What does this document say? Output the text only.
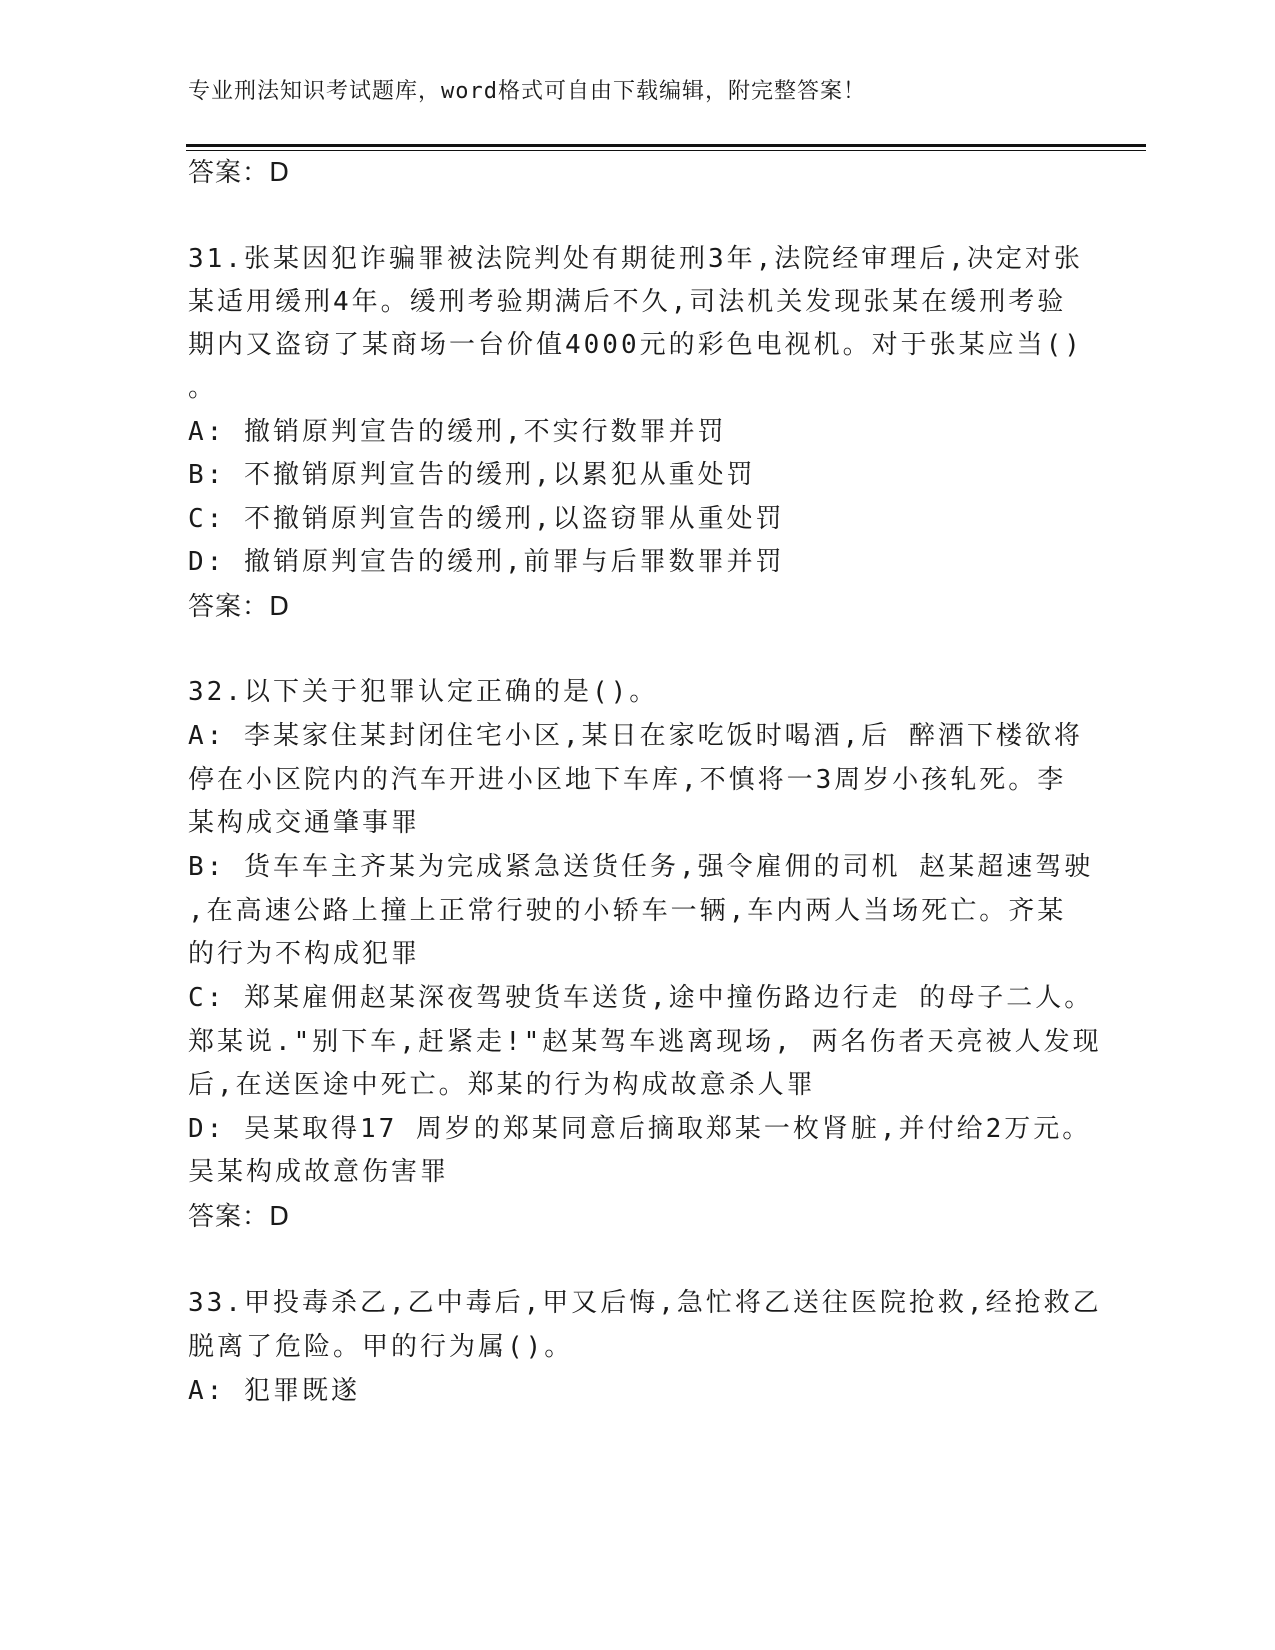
专业刑法知识考试题库，word格式可自由下载编辑，附完整答案！
答案：D
31.张某因犯诈骗罪被法院判处有期徒刑3年,法院经审理后,决定对张
某适用缓刑4年。缓刑考验期满后不久,司法机关发现张某在缓刑考验
期内又盗窃了某商场一台价值4000元的彩色电视机。对于张某应当()
。
A: 撤销原判宣告的缓刑,不实行数罪并罚
B: 不撤销原判宣告的缓刑,以累犯从重处罚
C: 不撤销原判宣告的缓刑,以盗窃罪从重处罚
D: 撤销原判宣告的缓刑,前罪与后罪数罪并罚
答案：D
32.以下关于犯罪认定正确的是()。
A: 李某家住某封闭住宅小区,某日在家吃饭时喝酒,后 醉酒下楼欲将
停在小区院内的汽车开进小区地下车库,不慎将一3周岁小孩轧死。李
某构成交通肇事罪
B: 货车车主齐某为完成紧急送货任务,强令雇佣的司机 赵某超速驾驶
,在高速公路上撞上正常行驶的小轿车一辆,车内两人当场死亡。齐某
的行为不构成犯罪
C: 郑某雇佣赵某深夜驾驶货车送货,途中撞伤路边行走 的母子二人。
郑某说."别下车,赶紧走!"赵某驾车逃离现场, 两名伤者天亮被人发现
后,在送医途中死亡。郑某的行为构成故意杀人罪
D: 吴某取得17 周岁的郑某同意后摘取郑某一枚肾脏,并付给2万元。
吴某构成故意伤害罪
答案：D
33.甲投毒杀乙,乙中毒后,甲又后悔,急忙将乙送往医院抢救,经抢救乙
脱离了危险。甲的行为属()。
A: 犯罪既遂
